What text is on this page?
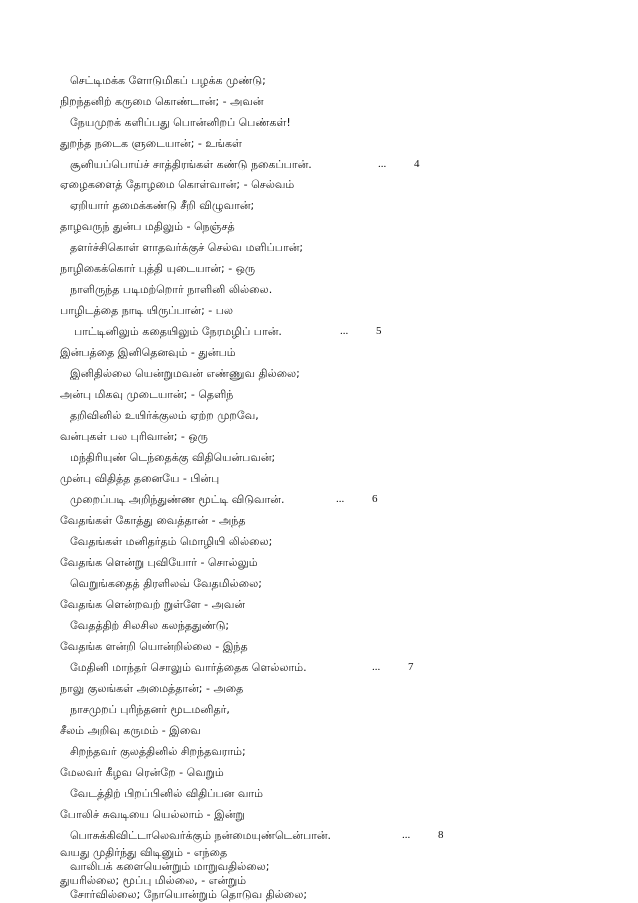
செட்டிமக்க ளோடுமிகப் பழக்க முண்டு;
நிறந்தனிற் கருமை கொண்டான்; - அவன்
நேயமுறக் களிப்பது பொன்னிறப் பெண்கள்!
துறந்த நடைக ளுடையான்; - உங்கள்
சூனியப்பொய்ச் சாத்திரங்கள் கண்டு நகைப்பான்.	...	4
ஏழைகளைத் தோழமை கொள்வான்; - செல்வம்
ஏறியார் தமைக்கண்டு சீறி விழுவான்;
தாழவருந் துன்ப மதிலும் - நெஞ்சத்
தளர்ச்சிகொள் ளாதவர்க்குச் செல்வ மளிப்பான்;
நாழிகைக்கொர் புத்தி யுடையான்; - ஒரு
நாளிருந்த படிமற்றொர் நாளினி லில்லை.
பாழிடத்தை நாடி யிருப்பான்; - பல
பாட்டினிலும் கதையிலும் நேரமழிப் பான்.	...	5
இன்பத்தை இனிதெனவும் - துன்பம்
இனிதில்லை யென்றுமவன் எண்ணுவ தில்லை;
அன்பு மிகவு முடையான்; - தெளிந்
தறிவினில் உயிர்க்குலம் ஏற்ற முறவே,
வன்புகள் பல புரிவான்; - ஒரு
மந்திரியுண் டெந்தைக்கு விதியென்பவன்;
முன்பு விதித்த தனையே - பின்பு
முறைப்படி அறிந்துண்ண மூட்டி விடுவான்.	...	6
வேதங்கள் கோத்து வைத்தான் - அந்த
வேதங்கள் மனிதர்தம் மொழியி லில்லை;
வேதங்க ளென்று புவியோர் - சொல்லும்
வெறுங்கதைத் திரளிலவ் வேதமில்லை;
வேதங்க ளென்றவற் றுள்ளே - அவன்
வேதத்திற் சிலசில கலந்ததுண்டு;
வேதங்க ளன்றி யொன்றில்லை - இந்த
மேதினி மாந்தர் சொலும் வார்த்தைக ளெல்லாம்.	...	7
நாலு குலங்கள் அமைத்தான்; - அதை
நாசமுறப் புரிந்தனர் மூடமனிதர்,
சீலம் அறிவு கருமம் - இவை
சிறந்தவர் குலத்தினில் சிறந்தவராம்;
மேலவர் கீழவ ரென்றே - வெறும்
வேடத்திற் பிறப்பினில் விதிப்பன வாம்
போலிச் சுவடியை யெல்லாம் - இன்று
பொசுக்கிவிட்டாலெவர்க்கும் நன்மையுண்டென்பான்.	...	8
வயது முதிர்ந்து விடினும் - எந்தை
வாலிபக் களையென்றும் மாறுவதில்லை;
துயரில்லை; மூப்பு மில்லை, - என்றும்
சோர்வில்லை; நோயொன்றும் தொடுவ தில்லை;
